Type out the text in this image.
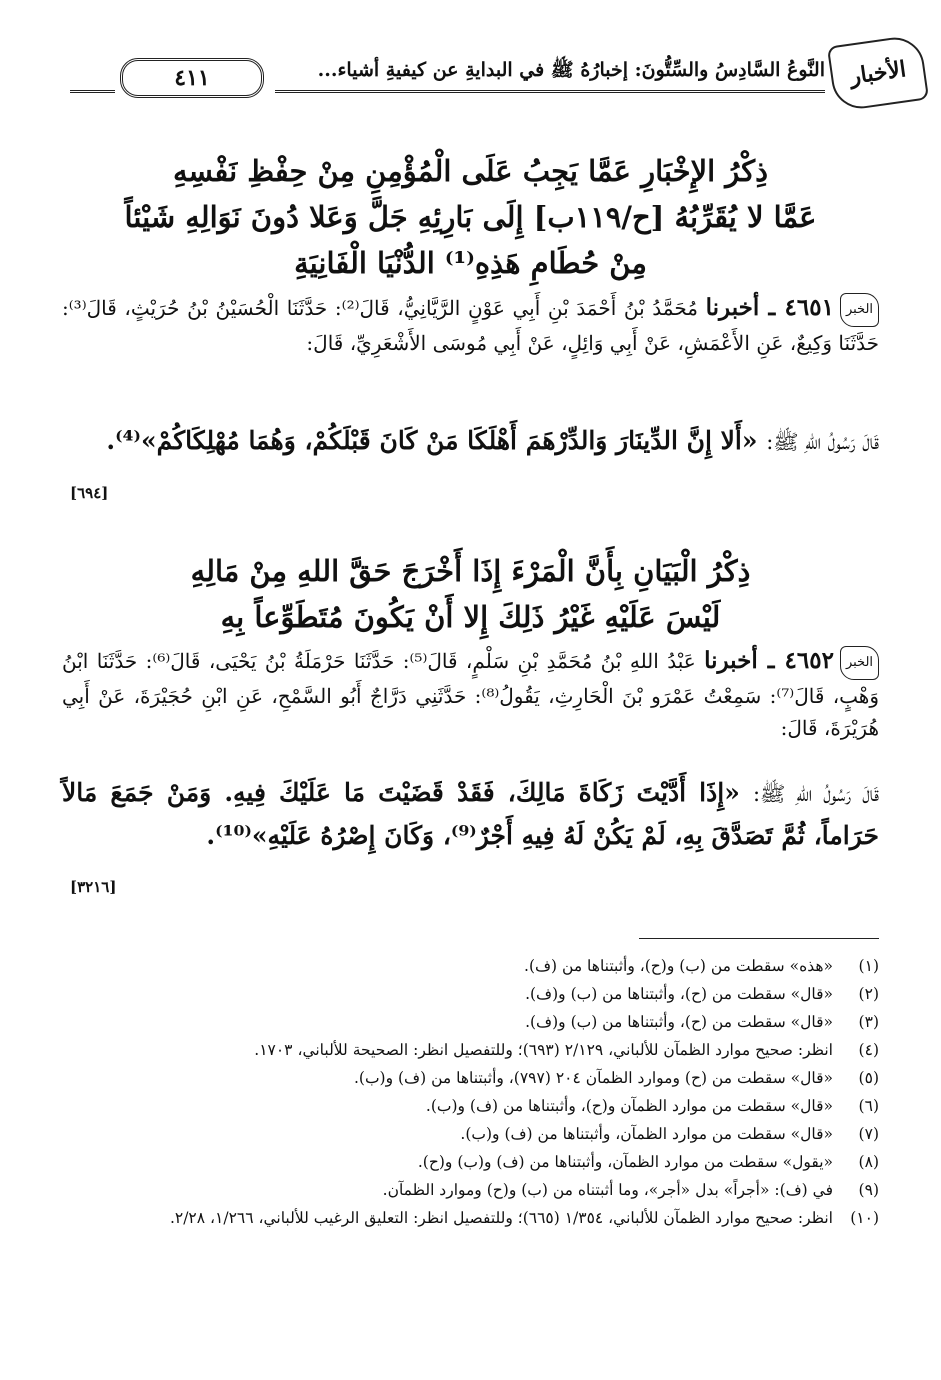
الأخبار
النَّوعُ السَّادِسُ والسِّتُّونَ: إخبارُهُ ﷺ في البدايةِ عن كيفيةِ أشياء...
٤١١
ذِكْرُ الإِخْبَارِ عَمَّا يَجِبُ عَلَى الْمُؤْمِنِ مِنْ حِفْظِ نَفْسِهِ
عَمَّا لا يُقَرِّبُهُ [ح/١١٩ب] إِلَى بَارِئِهِ جَلَّ وَعَلا دُونَ نَوَالِهِ شَيْئاً
مِنْ حُطَامِ هَذِهِ⁽¹⁾ الدُّنْيَا الْفَانِيَةِ
الخبر٤٦٥١ ـ أخبرنا مُحَمَّدُ بْنُ أَحْمَدَ بْنِ أَبِي عَوْنٍ الرَّيَّانِيُّ، قَالَ⁽²⁾: حَدَّثَنَا الْحُسَيْنُ بْنُ حُرَيْثٍ، قَالَ⁽³⁾: حَدَّثَنَا وَكِيعٌ، عَنِ الأَعْمَشِ، عَنْ أَبِي وَائِلٍ، عَنْ أَبِي مُوسَى الأَشْعَرِيِّ، قَالَ:
قَالَ رَسُولُ اللهِ ﷺ: «أَلا إِنَّ الدِّينَارَ وَالدِّرْهَمَ أَهْلَكَا مَنْ كَانَ قَبْلَكُمْ، وَهُمَا مُهْلِكَاكُمْ»⁽⁴⁾.
[٦٩٤]
ذِكْرُ الْبَيَانِ بِأَنَّ الْمَرْءَ إِذَا أَخْرَجَ حَقَّ اللهِ مِنْ مَالِهِ
لَيْسَ عَلَيْهِ غَيْرُ ذَلِكَ إِلا أَنْ يَكُونَ مُتَطَوِّعاً بِهِ
الخبر٤٦٥٢ ـ أخبرنا عَبْدُ اللهِ بْنُ مُحَمَّدِ بْنِ سَلْمٍ، قَالَ⁽⁵⁾: حَدَّثَنَا حَرْمَلَةُ بْنُ يَحْيَى، قَالَ⁽⁶⁾: حَدَّثَنَا ابْنُ وَهْبٍ، قَالَ⁽⁷⁾: سَمِعْتُ عَمْرَو بْنَ الْحَارِثِ، يَقُولُ⁽⁸⁾: حَدَّثَنِي دَرَّاجٌ أَبُو السَّمْحِ، عَنِ ابْنِ حُجَيْرَةَ، عَنْ أَبِي هُرَيْرَةَ، قَالَ:
قَالَ رَسُولُ اللهِ ﷺ: «إِذَا أَدَّيْتَ زَكَاةَ مَالِكَ، فَقَدْ قَضَيْتَ مَا عَلَيْكَ فِيهِ. وَمَنْ جَمَعَ مَالاً حَرَاماً، ثُمَّ تَصَدَّقَ بِهِ، لَمْ يَكُنْ لَهُ فِيهِ أَجْرٌ⁽⁹⁾، وَكَانَ إِصْرُهُ عَلَيْهِ»⁽¹⁰⁾.
[٣٢١٦]
(١)
«هذه» سقطت من (ب) و(ح)، وأثبتناها من (ف).
(٢)
«قال» سقطت من (ح)، وأثبتناها من (ب) و(ف).
(٣)
«قال» سقطت من (ح)، وأثبتناها من (ب) و(ف).
(٤)
انظر: صحيح موارد الظمآن للألباني، ٢/١٢٩ (٦٩٣)؛ وللتفصيل انظر: الصحيحة للألباني، ١٧٠٣.
(٥)
«قال» سقطت من (ح) وموارد الظمآن ٢٠٤ (٧٩٧)، وأثبتناها من (ف) و(ب).
(٦)
«قال» سقطت من موارد الظمآن و(ح)، وأثبتناها من (ف) و(ب).
(٧)
«قال» سقطت من موارد الظمآن، وأثبتناها من (ف) و(ب).
(٨)
«يقول» سقطت من موارد الظمآن، وأثبتناها من (ف) و(ب) و(ح).
(٩)
في (ف): «أجراً» بدل «أجر»، وما أثبتناه من (ب) و(ح) وموارد الظمآن.
(١٠)
انظر: صحيح موارد الظمآن للألباني، ١/٣٥٤ (٦٦٥)؛ وللتفصيل انظر: التعليق الرغيب للألباني، ١/٢٦٦، ٢/٢٨.
